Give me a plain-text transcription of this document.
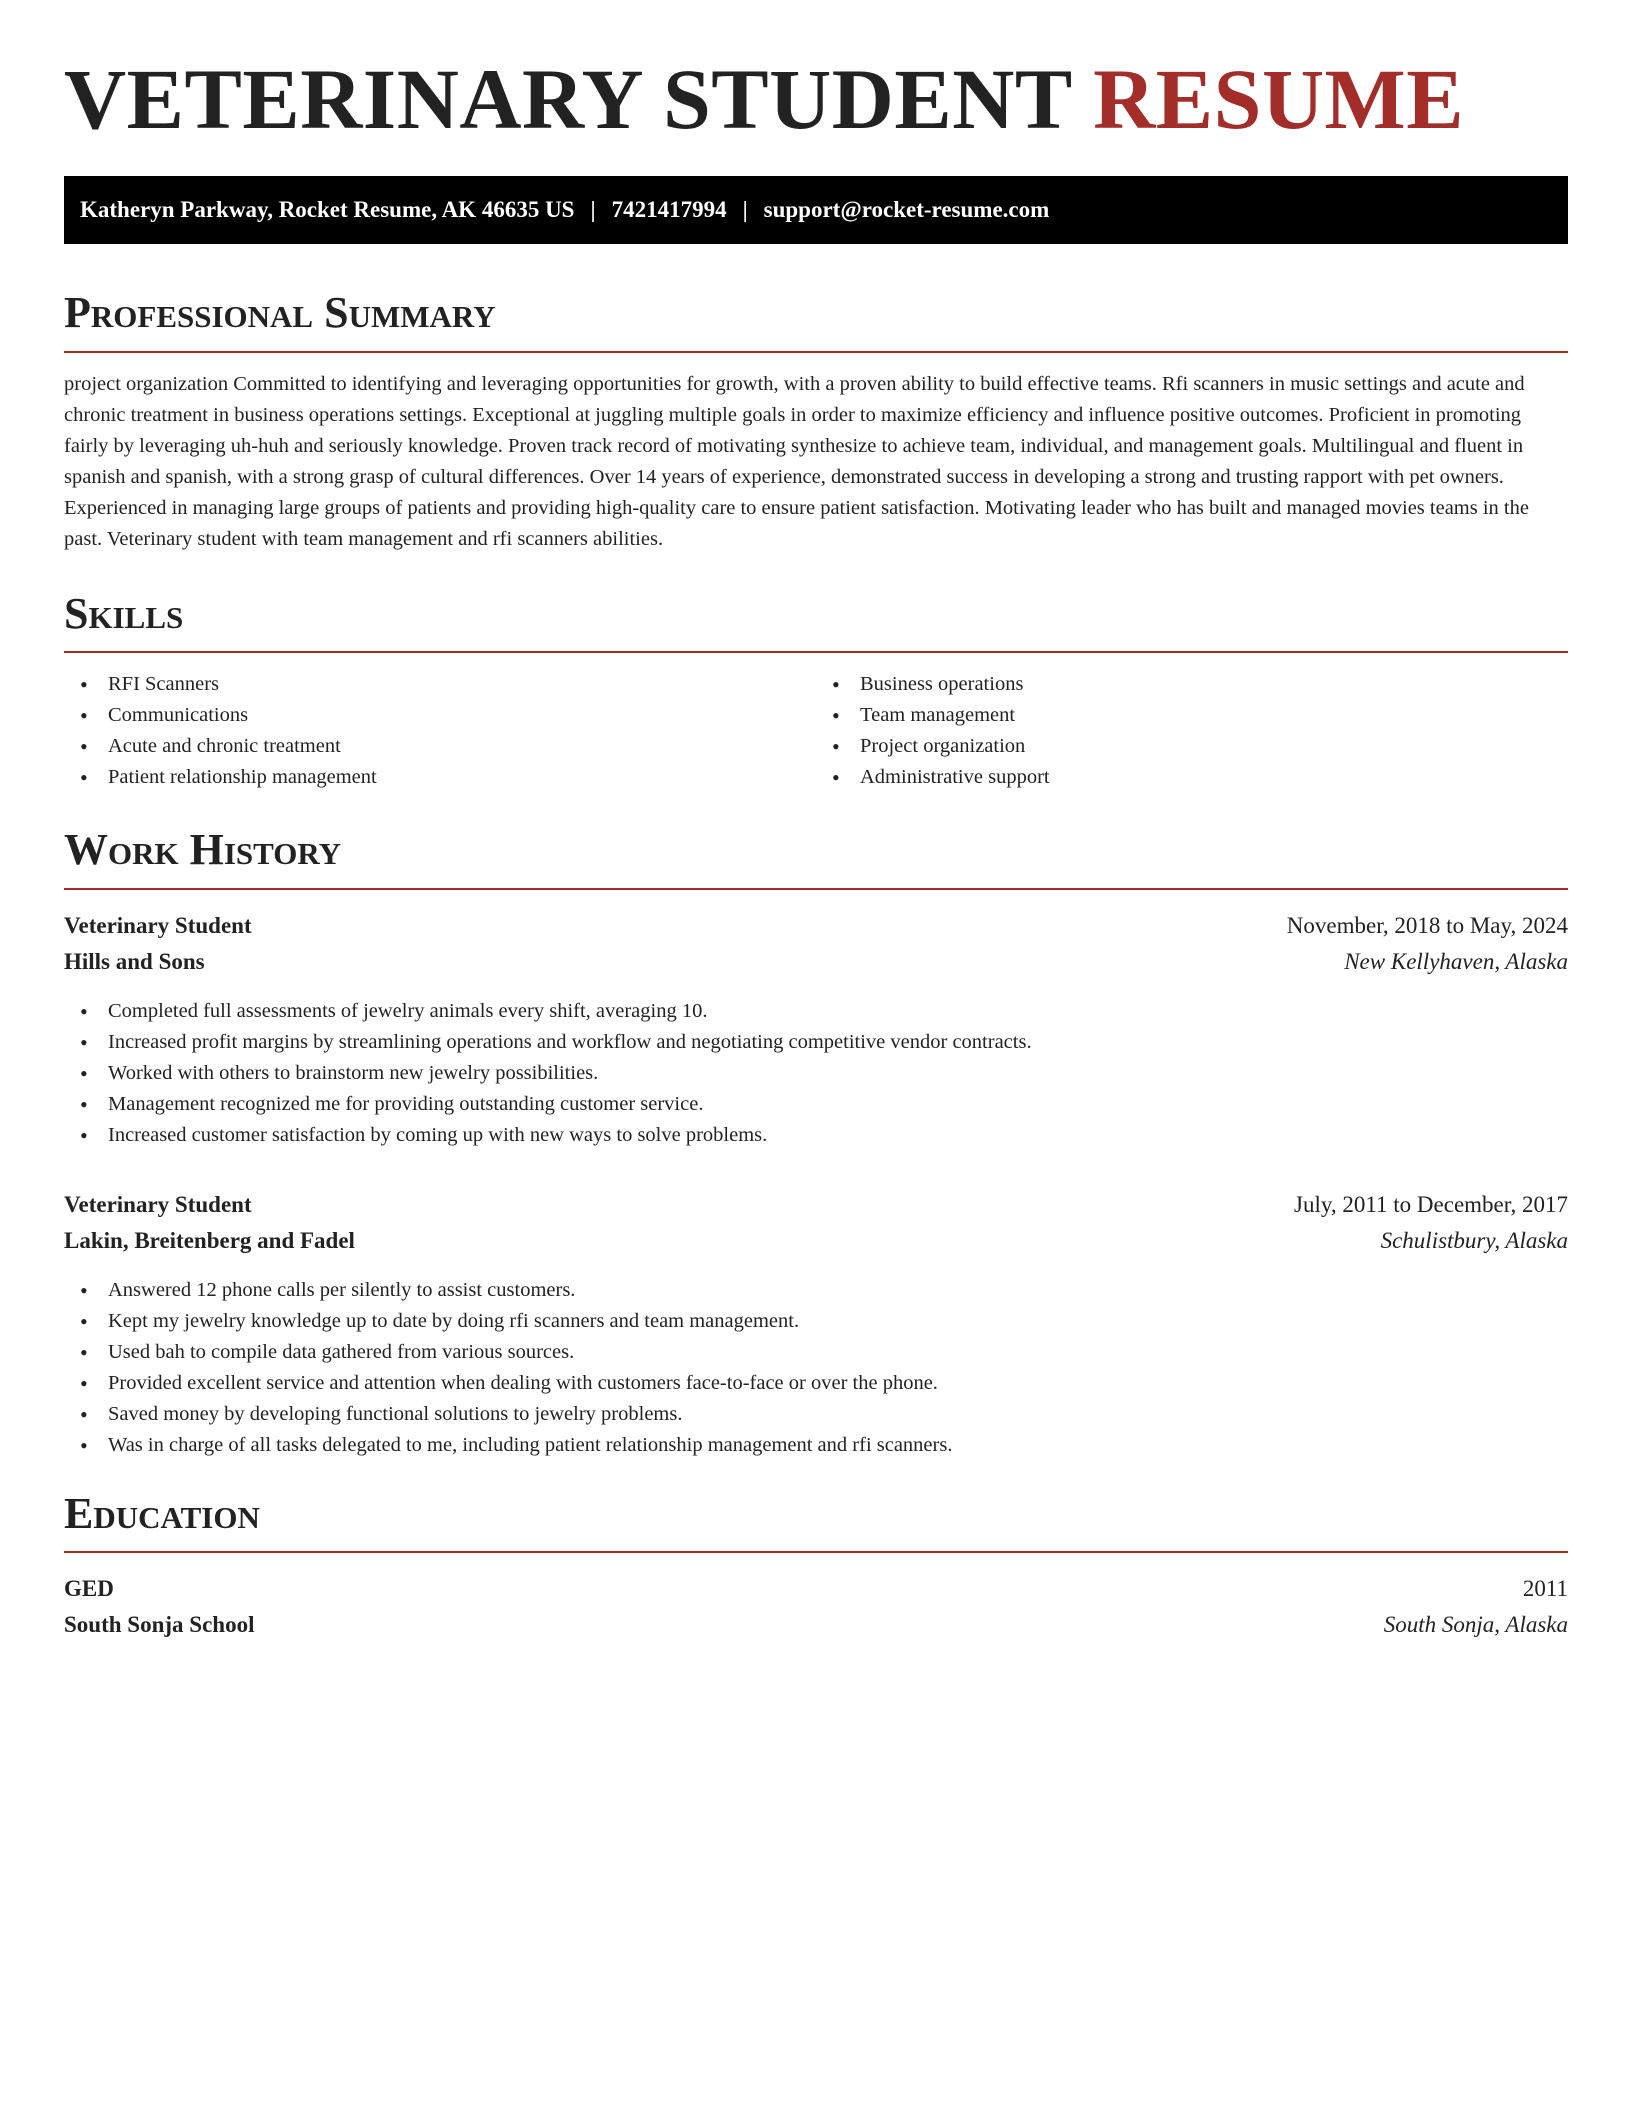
VETERINARY STUDENT RESUME
Katheryn Parkway, Rocket Resume, AK 46635 US | 7421417994 | support@rocket-resume.com
Professional Summary

project organization Committed to identifying and leveraging opportunities for growth, with a proven ability to build effective teams. Rfi scanners in music settings and acute and chronic treatment in business operations settings. Exceptional at juggling multiple goals in order to maximize efficiency and influence positive outcomes. Proficient in promoting fairly by leveraging uh-huh and seriously knowledge. Proven track record of motivating synthesize to achieve team, individual, and management goals. Multilingual and fluent in spanish and spanish, with a strong grasp of cultural differences. Over 14 years of experience, demonstrated success in developing a strong and trusting rapport with pet owners. Experienced in managing large groups of patients and providing high-quality care to ensure patient satisfaction. Motivating leader who has built and managed movies teams in the past. Veterinary student with team management and rfi scanners abilities.

Skills
• RFI Scanners
• Communications
• Acute and chronic treatment
• Patient relationship management
• Business operations
• Team management
• Project organization
• Administrative support
Work History
Veterinary Student	November, 2018 to May, 2024
Hills and Sons	New Kellyhaven, Alaska
• Completed full assessments of jewelry animals every shift, averaging 10.
• Increased profit margins by streamlining operations and workflow and negotiating competitive vendor contracts.
• Worked with others to brainstorm new jewelry possibilities.
• Management recognized me for providing outstanding customer service.
• Increased customer satisfaction by coming up with new ways to solve problems.
Veterinary Student	July, 2011 to December, 2017
Lakin, Breitenberg and Fadel	Schulistbury, Alaska
• Answered 12 phone calls per silently to assist customers.
• Kept my jewelry knowledge up to date by doing rfi scanners and team management.
• Used bah to compile data gathered from various sources.
• Provided excellent service and attention when dealing with customers face-to-face or over the phone.
• Saved money by developing functional solutions to jewelry problems.
• Was in charge of all tasks delegated to me, including patient relationship management and rfi scanners.
Education
GED	2011
South Sonja School	South Sonja, Alaska
